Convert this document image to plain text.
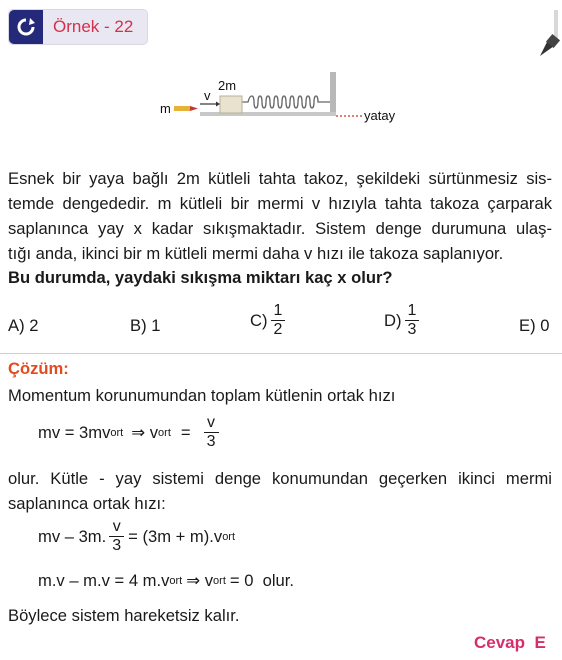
Örnek - 22
m
v
2m
yatay
Esnek bir yaya bağlı 2m kütleli tahta takoz, şekildeki sürtünmesiz sis-
temde dengededir. m kütleli bir mermi v hızıyla tahta takoza çarparak
saplanınca yay x kadar sıkışmaktadır. Sistem denge durumuna ulaş-
tığı anda, ikinci bir m kütleli mermi daha v hızı ile takoza saplanıyor.
Bu durumda, yaydaki sıkışma miktarı kaç x olur?
A) 2	B) 1	$C) \frac{1}{2}$	$D) \frac{1}{3}$	E) 0
Çözüm:
Momentum korunumundan toplam kütlenin ortak hızı
mv = 3mv ort ⇒ v ort = $\frac{v}{3}$
olur. Kütle - yay sistemi denge konumundan geçerken ikinci mermi
saplanınca ortak hızı:
mv – 3m. $\frac{v}{3} = (3m + m).v$ ort
m.v – m.v = 4 m.v ort ⇒ v ort = 0  olur.
Böylece sistem hareketsiz kalır.
Cevap  E
